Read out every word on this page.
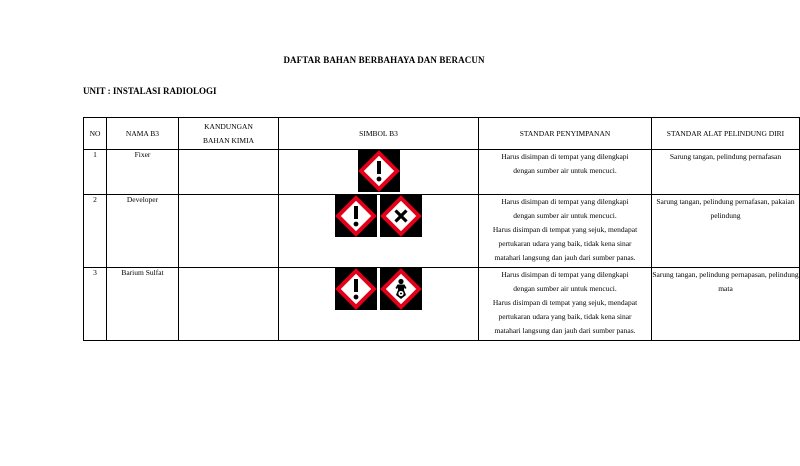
DAFTAR BAHAN BERBAHAYA DAN BERACUN
UNIT : INSTALASI RADIOLOGI
NO	NAMA B3	KANDUNGAN
BAHAN KIMIA	SIMBOL B3	STANDAR PENYIMPANAN	STANDAR ALAT PELINDUNG DIRI
1	Fixer			Harus disimpan di tempat yang dilengkapi
dengan sumber air untuk mencuci.	Sarung tangan, pelindung pernafasan
2	Developer			Harus disimpan di tempat yang dilengkapi
dengan sumber air untuk mencuci.
Harus disimpan di tempat yang sejuk, mendapat
pertukaran udara yang baik, tidak kena sinar
matahari langsung dan jauh dari sumber panas.	Sarung tangan, pelindung pernafasan, pakaian pelindung
3	Barium Sulfat			Harus disimpan di tempat yang dilengkapi
dengan sumber air untuk mencuci.
Harus disimpan di tempat yang sejuk, mendapat
pertukaran udara yang baik, tidak kena sinar
matahari langsung dan jauh dari sumber panas.	Sarung tangan, pelindung pernapasan, pelindung mata
